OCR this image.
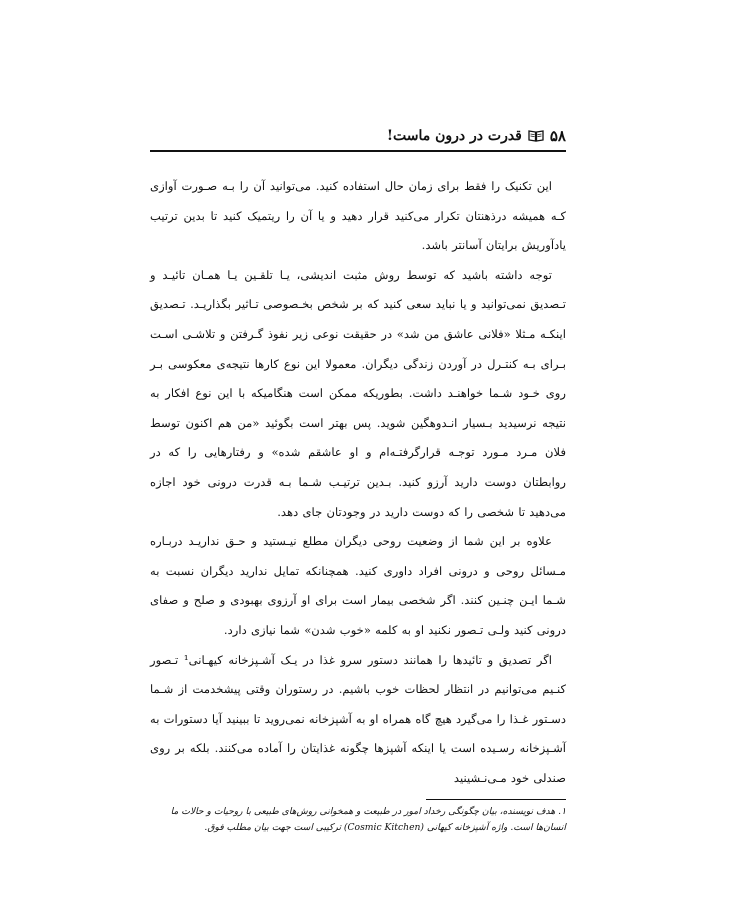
۵۸
قدرت در درون ماست!

این تکنیک را فقط برای زمان حال استفاده کنید. می‌توانید آن را بـه صـورت آوازی کـه همیشه درذهنتان تکرار می‌کنید قرار دهید و یا آن را ریتمیک کنید تا بدین ترتیب یادآوریش برایتان آسانتر باشد.

توجه داشته باشید که توسط روش مثبت اندیشی، یـا تلقـین یـا همـان تائیـد و تـصدیق نمی‌توانید و یا نباید سعی کنید که بر شخص بخـصوصی تـاثیر بگذاریـد. تـصدیق اینکـه مـثلا «فلانی عاشق من شد» در حقیقت نوعی زیر نفوذ گـرفتن و تلاشـی اسـت بـرای بـه کنتـرل در آوردن زندگی دیگران. معمولا این نوع کارها نتیجه‌ی معکوسی بـر روی خـود شـما خواهنـد داشت. بطوریکه ممکن است هنگامیکه با این نوع افکار به نتیجه نرسیدید بـسیار انـدوهگین شوید. پس بهتر است بگوئید «من هم اکنون توسط فلان مـرد مـورد توجـه قرارگرفتـه‌ام و او عاشقم شده» و رفتارهایی را که در روابطتان دوست دارید آرزو کنید. بـدین ترتیـب شـما بـه قدرت درونی خود اجازه می‌دهید تا شخصی را که دوست دارید در وجودتان جای دهد.

علاوه بر این شما از وضعیت روحی دیگران مطلع نیـستید و حـق ندار‌یـد دربـاره مـسائل روحی و درونی افراد داوری کنید. همچنانکه تمایل ندارید دیگران نسبت به شـما ایـن چنـین کنند. اگر شخصی بیمار است برای او آرزوی بهبودی و صلح و صفای درونی کنید ولـی تـصور نکنید او به کلمه «خوب شدن» شما نیازی دارد.

اگر تصدیق و تائیدها را همانند دستور سرو غذا در یـک آشـپزخانه کیهـانی¹ تـصور کنـیم می‌توانیم در انتظار لحظات خوب باشیم. در رستوران وقتی پیشخدمت از شـما دسـتور غـذا را می‌گیرد هیچ گاه همراه او به آشپزخانه نمی‌روید تا ببینید آیا دستورات به آشـپزخانه رسـیده است یا اینکه آشپزها چگونه غذایتان را آماده می‌کنند. بلکه بر روی صندلی خود مـی‌نـشینید

۱. هدف نویسنده، بیان چگونگی رخداد امور در طبیعت و همخوانی روش‌های طبیعی با روحیات و حالات ما انسان‌ها است. واژه آشپزخانه کیهانی (Cosmic Kitchen) ترکیبی است جهت بیان مطلب فوق.
